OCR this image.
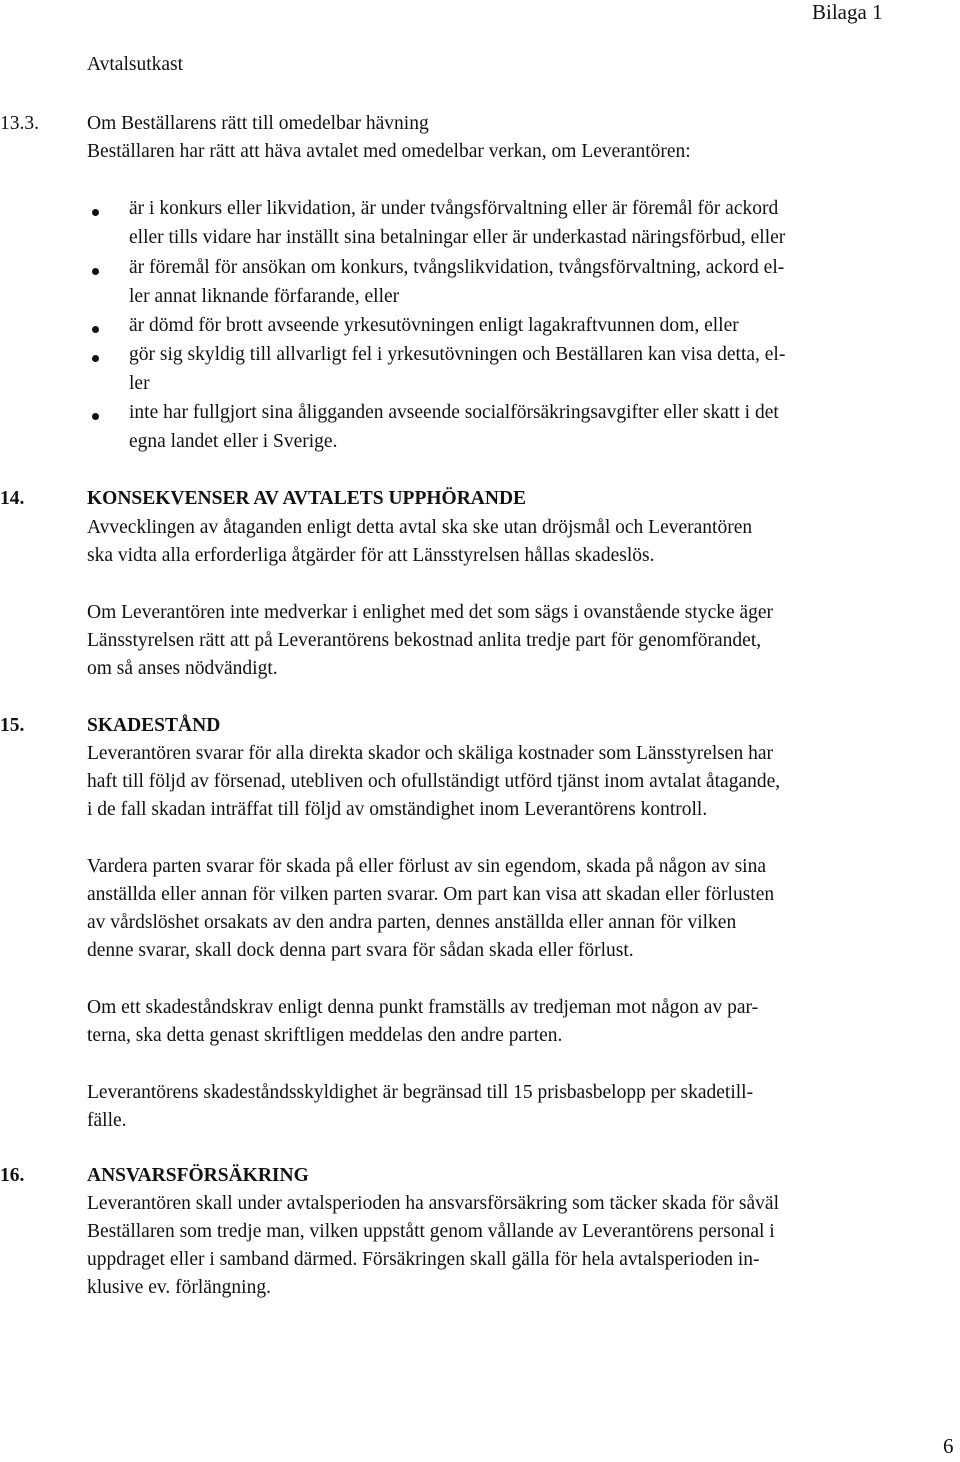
Bilaga 1
Avtalsutkast
13.3. Om Beställarens rätt till omedelbar hävning
Beställaren har rätt att häva avtalet med omedelbar verkan, om Leverantören:
är i konkurs eller likvidation, är under tvångsförvaltning eller är föremål för ackord
eller tills vidare har inställt sina betalningar eller är underkastad näringsförbud, eller
är föremål för ansökan om konkurs, tvångslikvidation, tvångsförvaltning, ackord el-
ler annat liknande förfarande, eller
är dömd för brott avseende yrkesutövningen enligt lagakraftvunnen dom, eller
gör sig skyldig till allvarligt fel i yrkesutövningen och Beställaren kan visa detta, el-
ler
inte har fullgjort sina åligganden avseende socialförsäkringsavgifter eller skatt i det
egna landet eller i Sverige.
14.	KONSEKVENSER AV AVTALETS UPPHÖRANDE
Avvecklingen av åtaganden enligt detta avtal ska ske utan dröjsmål och Leverantören
ska vidta alla erforderliga åtgärder för att Länsstyrelsen hållas skadeslös.
Om Leverantören inte medverkar i enlighet med det som sägs i ovanstående stycke äger
Länsstyrelsen rätt att på Leverantörens bekostnad anlita tredje part för genomförandet,
om så anses nödvändigt.
15.	SKADESTÅND
Leverantören svarar för alla direkta skador och skäliga kostnader som Länsstyrelsen har
haft till följd av försenad, utebliven och ofullständigt utförd tjänst inom avtalat åtagande,
i de fall skadan inträffat till följd av omständighet inom Leverantörens kontroll.
Vardera parten svarar för skada på eller förlust av sin egendom, skada på någon av sina
anställda eller annan för vilken parten svarar. Om part kan visa att skadan eller förlusten
av vårdslöshet orsakats av den andra parten, dennes anställda eller annan för vilken
denne svarar, skall dock denna part svara för sådan skada eller förlust.
Om ett skadeståndskrav enligt denna punkt framställs av tredjeman mot någon av par-
terna, ska detta genast skriftligen meddelas den andre parten.
Leverantörens skadeståndsskyldighet är begränsad till 15 prisbasbelopp per skadetill-
fälle.
16.	ANSVARSFÖRSÄKRING
Leverantören skall under avtalsperioden ha ansvarsförsäkring som täcker skada för såväl
Beställaren som tredje man, vilken uppstått genom vållande av Leverantörens personal i
uppdraget eller i samband därmed. Försäkringen skall gälla för hela avtalsperioden in-
klusive ev. förlängning.
6
